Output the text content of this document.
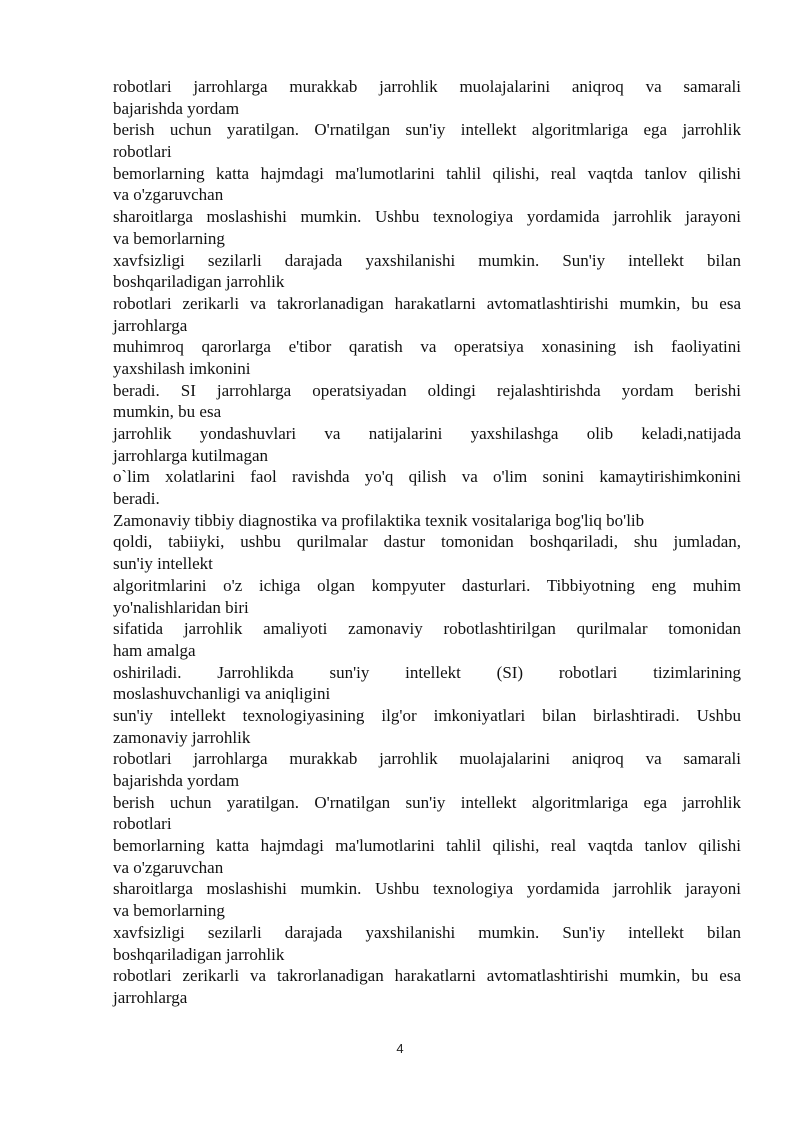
robotlari jarrohlarga murakkab jarrohlik muolajalarini aniqroq va samarali
bajarishda yordam
berish uchun yaratilgan. O'rnatilgan sun'iy intellekt algoritmlariga ega jarrohlik
robotlari
bemorlarning katta hajmdagi ma'lumotlarini tahlil qilishi, real vaqtda tanlov qilishi
va o'zgaruvchan
sharoitlarga moslashishi mumkin. Ushbu texnologiya yordamida jarrohlik jarayoni
va bemorlarning
xavfsizligi sezilarli darajada yaxshilanishi mumkin. Sun'iy intellekt bilan
boshqariladigan jarrohlik
robotlari zerikarli va takrorlanadigan harakatlarni avtomatlashtirishi mumkin, bu esa
jarrohlarga
muhimroq qarorlarga e'tibor qaratish va operatsiya xonasining ish faoliyatini
yaxshilash imkonini
beradi. SI jarrohlarga operatsiyadan oldingi rejalashtirishda yordam berishi
mumkin, bu esa
jarrohlik yondashuvlari va natijalarini yaxshilashga olib keladi,natijada
jarrohlarga kutilmagan
o`lim xolatlarini faol ravishda yo'q qilish va o'lim sonini kamaytirishimkonini
beradi.
Zamonaviy tibbiy diagnostika va profilaktika texnik vositalariga bog'liq bo'lib
qoldi, tabiiyki, ushbu qurilmalar dastur tomonidan boshqariladi, shu jumladan,
sun'iy intellekt
algoritmlarini o'z ichiga olgan kompyuter dasturlari. Tibbiyotning eng muhim
yo'nalishlaridan biri
sifatida jarrohlik amaliyoti zamonaviy robotlashtirilgan qurilmalar tomonidan
ham amalga
oshiriladi. Jarrohlikda sun'iy intellekt (SI) robotlari tizimlarining
moslashuvchanligi va aniqligini
sun'iy intellekt texnologiyasining ilg'or imkoniyatlari bilan birlashtiradi. Ushbu
zamonaviy jarrohlik
robotlari jarrohlarga murakkab jarrohlik muolajalarini aniqroq va samarali
bajarishda yordam
berish uchun yaratilgan. O'rnatilgan sun'iy intellekt algoritmlariga ega jarrohlik
robotlari
bemorlarning katta hajmdagi ma'lumotlarini tahlil qilishi, real vaqtda tanlov qilishi
va o'zgaruvchan
sharoitlarga moslashishi mumkin. Ushbu texnologiya yordamida jarrohlik jarayoni
va bemorlarning
xavfsizligi sezilarli darajada yaxshilanishi mumkin. Sun'iy intellekt bilan
boshqariladigan jarrohlik
robotlari zerikarli va takrorlanadigan harakatlarni avtomatlashtirishi mumkin, bu esa
jarrohlarga
4
